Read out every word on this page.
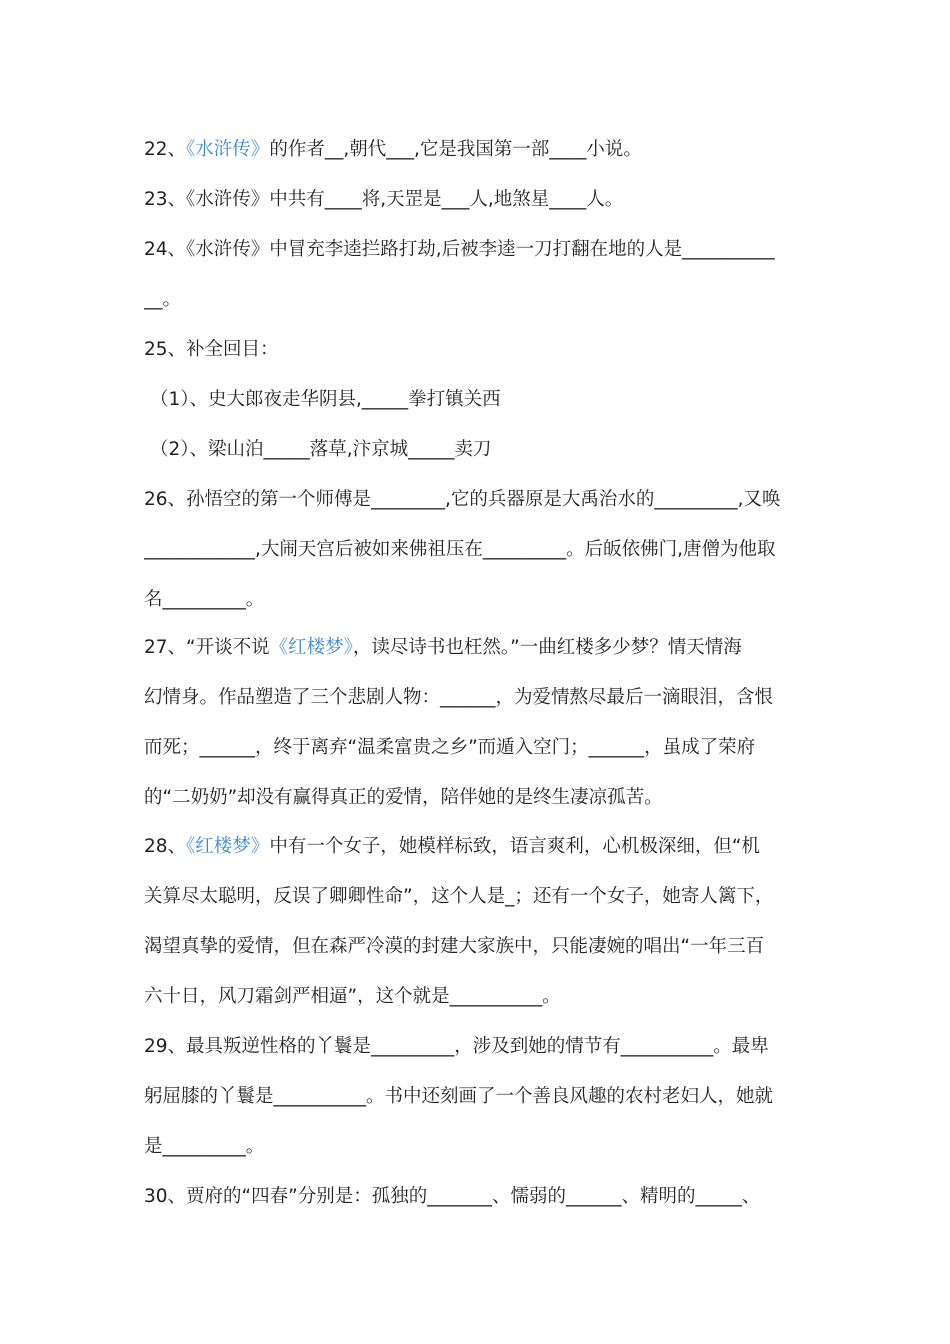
22、《水浒传》的作者__,朝代___,它是我国第一部____小说。
23、《水浒传》中共有____将,天罡是___人,地煞星____人。
24、《水浒传》中冒充李逵拦路打劫,后被李逵一刀打翻在地的人是__________
__。
25、补全回目：
（1）、史大郎夜走华阴县,_____拳打镇关西
（2）、梁山泊_____落草,汴京城_____卖刀
26、孙悟空的第一个师傅是________,它的兵器原是大禹治水的_________,又唤
____________,大闹天宫后被如来佛祖压在_________。后皈依佛门,唐僧为他取
名_________。
27、“开谈不说《红楼梦》，读尽诗书也枉然。”一曲红楼多少梦？情天情海
幻情身。作品塑造了三个悲剧人物：______，为爱情熬尽最后一滴眼泪，含恨
而死；______，终于离弃“温柔富贵之乡”而遁入空门；______，虽成了荣府
的“二奶奶”却没有赢得真正的爱情，陪伴她的是终生凄凉孤苦。
28、《红楼梦》中有一个女子，她模样标致，语言爽利，心机极深细，但“机
关算尽太聪明，反误了卿卿性命”，这个人是_；还有一个女子，她寄人篱下，
渴望真挚的爱情，但在森严冷漠的封建大家族中，只能凄婉的唱出“一年三百
六十日，风刀霜剑严相逼”，这个就是__________。
29、最具叛逆性格的丫鬟是_________，涉及到她的情节有__________。最卑
躬屈膝的丫鬟是__________。书中还刻画了一个善良风趣的农村老妇人，她就
是_________。
30、贾府的“四春”分别是：孤独的_______、懦弱的______、精明的_____、
